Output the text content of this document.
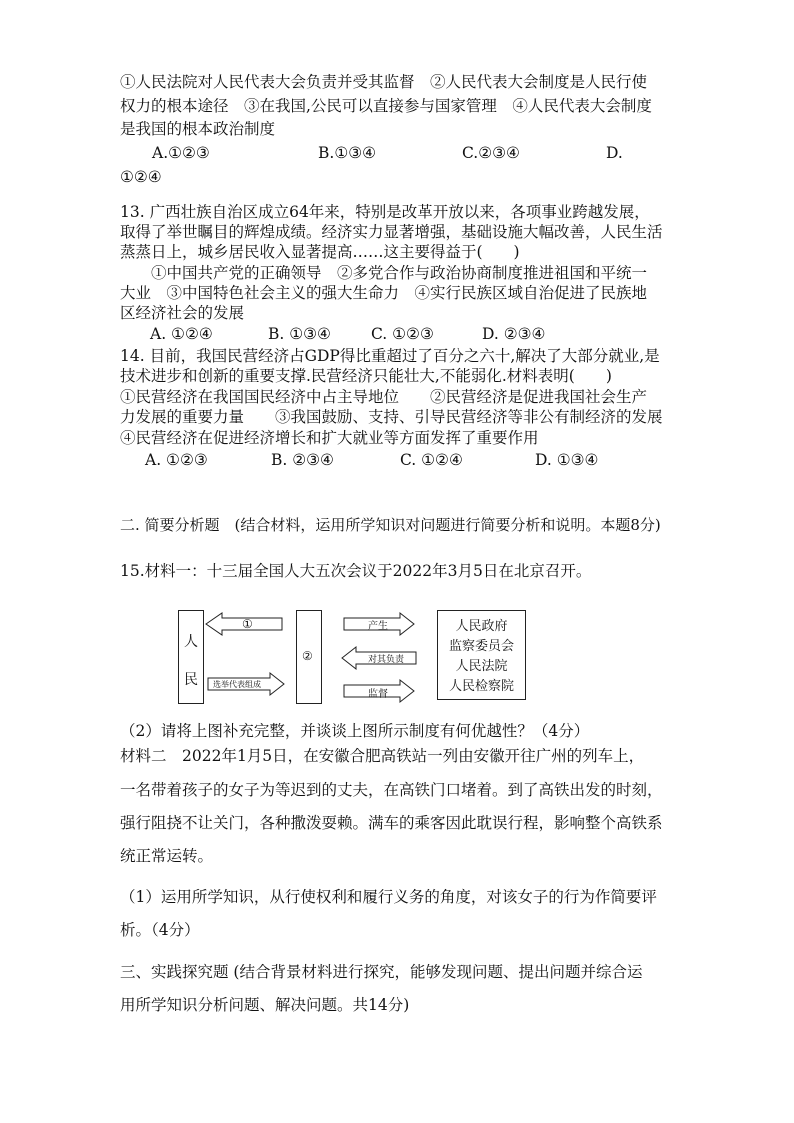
①人民法院对人民代表大会负责并受其监督　②人民代表大会制度是人民行使
权力的根本途径　③在我国,公民可以直接参与国家管理　④人民代表大会制度
是我国的根本政治制度
A.①②③	B.①③④	C.②③④	D.
①②④
13. 广西壮族自治区成立64年来，特别是改革开放以来，各项事业跨越发展，
取得了举世瞩目的辉煌成绩。经济实力显著增强，基础设施大幅改善，人民生活
蒸蒸日上，城乡居民收入显著提高……这主要得益于(　　)
　　①中国共产党的正确领导　②多党合作与政治协商制度推进祖国和平统一
大业　③中国特色社会主义的强大生命力　④实行民族区域自治促进了民族地
区经济社会的发展
A. ①②④	B. ①③④	C. ①②③	D. ②③④
14. 目前，我国民营经济占GDP得比重超过了百分之六十,解决了大部分就业,是
技术进步和创新的重要支撑.民营经济只能壮大,不能弱化.材料表明(　　)
①民营经济在我国国民经济中占主导地位　　②民营经济是促进我国社会生产
力发展的重要力量　　③我国鼓励、支持、引导民营经济等非公有制经济的发展
④民营经济在促进经济增长和扩大就业等方面发挥了重要作用
A. ①②③	B. ②③④	C. ①②④	D. ①③④
二. 简要分析题　(结合材料，运用所学知识对问题进行简要分析和说明。本题8分)
15.材料一：十三届全国人大五次会议于2022年3月5日在北京召开。
人
民
①
选举代表组成
②
产生
对其负责
监督
人民政府
监察委员会
人民法院
人民检察院
（2）请将上图补充完整，并谈谈上图所示制度有何优越性？（4分）
材料二　2022年1月5日，在安徽合肥高铁站一列由安徽开往广州的列车上，
一名带着孩子的女子为等迟到的丈夫，在高铁门口堵着。到了高铁出发的时刻，
强行阻挠不让关门，各种撒泼耍赖。满车的乘客因此耽误行程，影响整个高铁系
统正常运转。
（1）运用所学知识，从行使权利和履行义务的角度，对该女子的行为作简要评
析。（4分）
三、实践探究题 (结合背景材料进行探究，能够发现问题、提出问题并综合运
用所学知识分析问题、解决问题。共14分)
